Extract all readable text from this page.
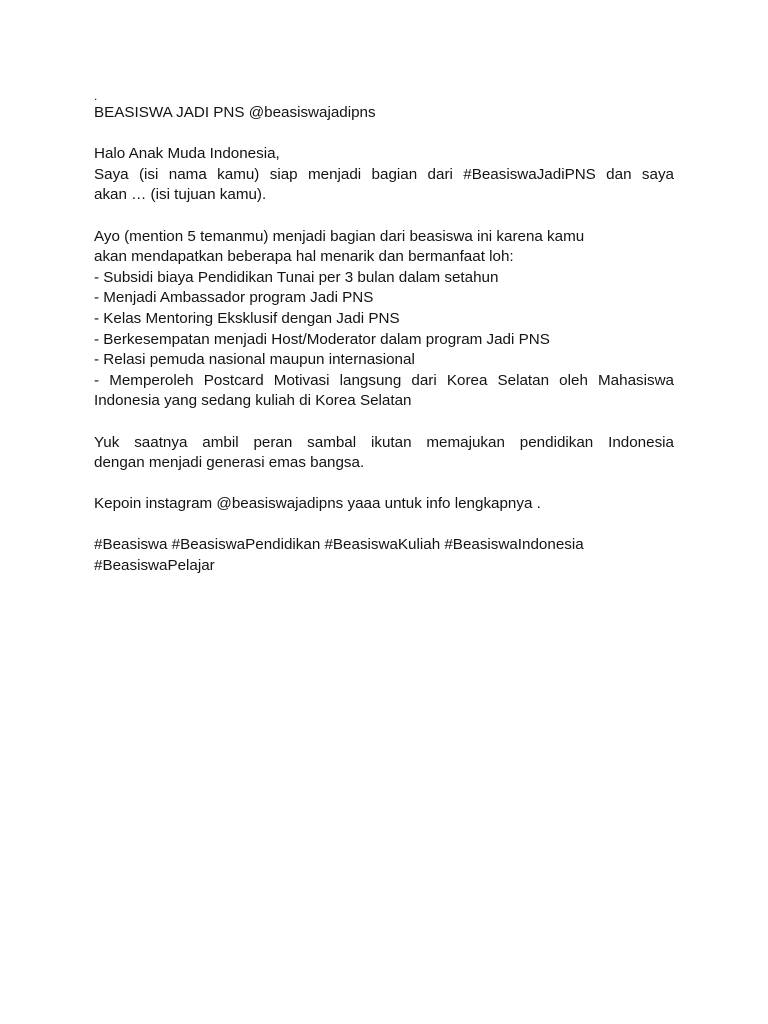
.
BEASISWA JADI PNS @beasiswajadipns
Halo Anak Muda Indonesia,
Saya (isi nama kamu) siap menjadi bagian dari #BeasiswaJadiPNS dan saya
akan … (isi tujuan kamu).
Ayo (mention 5 temanmu) menjadi bagian dari beasiswa ini karena kamu
akan mendapatkan beberapa hal menarik dan bermanfaat loh:
- Subsidi biaya Pendidikan Tunai per 3 bulan dalam setahun
- Menjadi Ambassador program Jadi PNS
- Kelas Mentoring Eksklusif dengan Jadi PNS
- Berkesempatan menjadi Host/Moderator dalam program Jadi PNS
- Relasi pemuda nasional maupun internasional
- Memperoleh Postcard Motivasi langsung dari Korea Selatan oleh Mahasiswa
Indonesia yang sedang kuliah di Korea Selatan
Yuk saatnya ambil peran sambal ikutan memajukan pendidikan Indonesia
dengan menjadi generasi emas bangsa.
Kepoin instagram @beasiswajadipns yaaa untuk info lengkapnya .
#Beasiswa #BeasiswaPendidikan #BeasiswaKuliah #BeasiswaIndonesia
#BeasiswaPelajar
